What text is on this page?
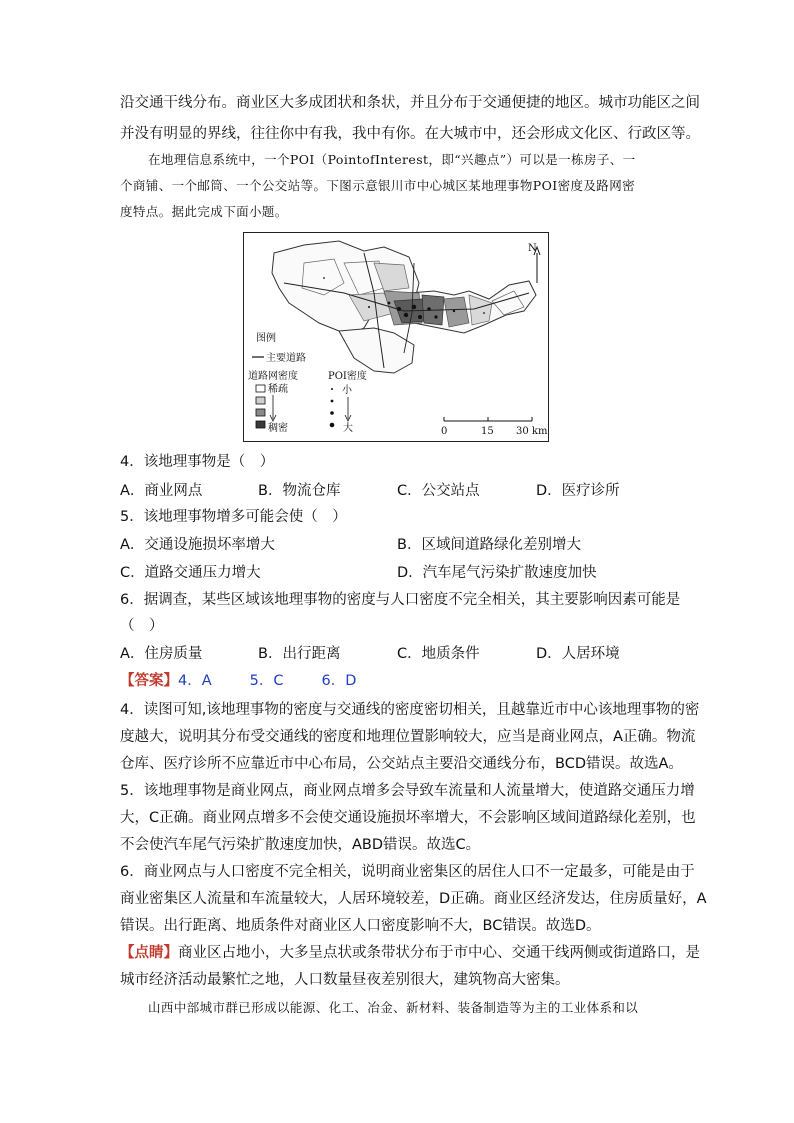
沿交通干线分布。商业区大多成团状和条状，并且分布于交通便捷的地区。城市功能区之间
并没有明显的界线，往往你中有我，我中有你。在大城市中，还会形成文化区、行政区等。
在地理信息系统中，一个POI（PointofInterest，即“兴趣点”）可以是一栋房子、一
个商铺、一个邮筒、一个公交站等。下图示意银川市中心城区某地理事物POI密度及路网密
度特点。据此完成下面小题。
N
图例
主要道路
道路网密度
稀疏
稠密
POI密度
小
大	0	15 30 km
4．该地理事物是（　）
A．商业网点	B．物流仓库	C．公交站点	D．医疗诊所
5．该地理事物增多可能会使（　）
A．交通设施损坏率增大	B．区域间道路绿化差别增大
C．道路交通压力增大	D．汽车尾气污染扩散速度加快
6．据调查，某些区域该地理事物的密度与人口密度不完全相关，其主要影响因素可能是
（　）
A．住房质量	B．出行距离	C．地质条件	D．人居环境
【答案】4．A	5．C	6．D
4．读图可知,该地理事物的密度与交通线的密度密切相关，且越靠近市中心该地理事物的密
度越大，说明其分布受交通线的密度和地理位置影响较大，应当是商业网点，A正确。物流
仓库、医疗诊所不应靠近市中心布局，公交站点主要沿交通线分布，BCD错误。故选A。
5．该地理事物是商业网点，商业网点增多会导致车流量和人流量增大，使道路交通压力增
大，C正确。商业网点增多不会使交通设施损坏率增大，不会影响区域间道路绿化差别，也
不会使汽车尾气污染扩散速度加快，ABD错误。故选C。
6．商业网点与人口密度不完全相关，说明商业密集区的居住人口不一定最多，可能是由于
商业密集区人流量和车流量较大，人居环境较差，D正确。商业区经济发达，住房质量好，A
错误。出行距离、地质条件对商业区人口密度影响不大，BC错误。故选D。
【点睛】商业区占地小，大多呈点状或条带状分布于市中心、交通干线两侧或街道路口，是
城市经济活动最繁忙之地，人口数量昼夜差别很大，建筑物高大密集。
山西中部城市群已形成以能源、化工、冶金、新材料、装备制造等为主的工业体系和以
